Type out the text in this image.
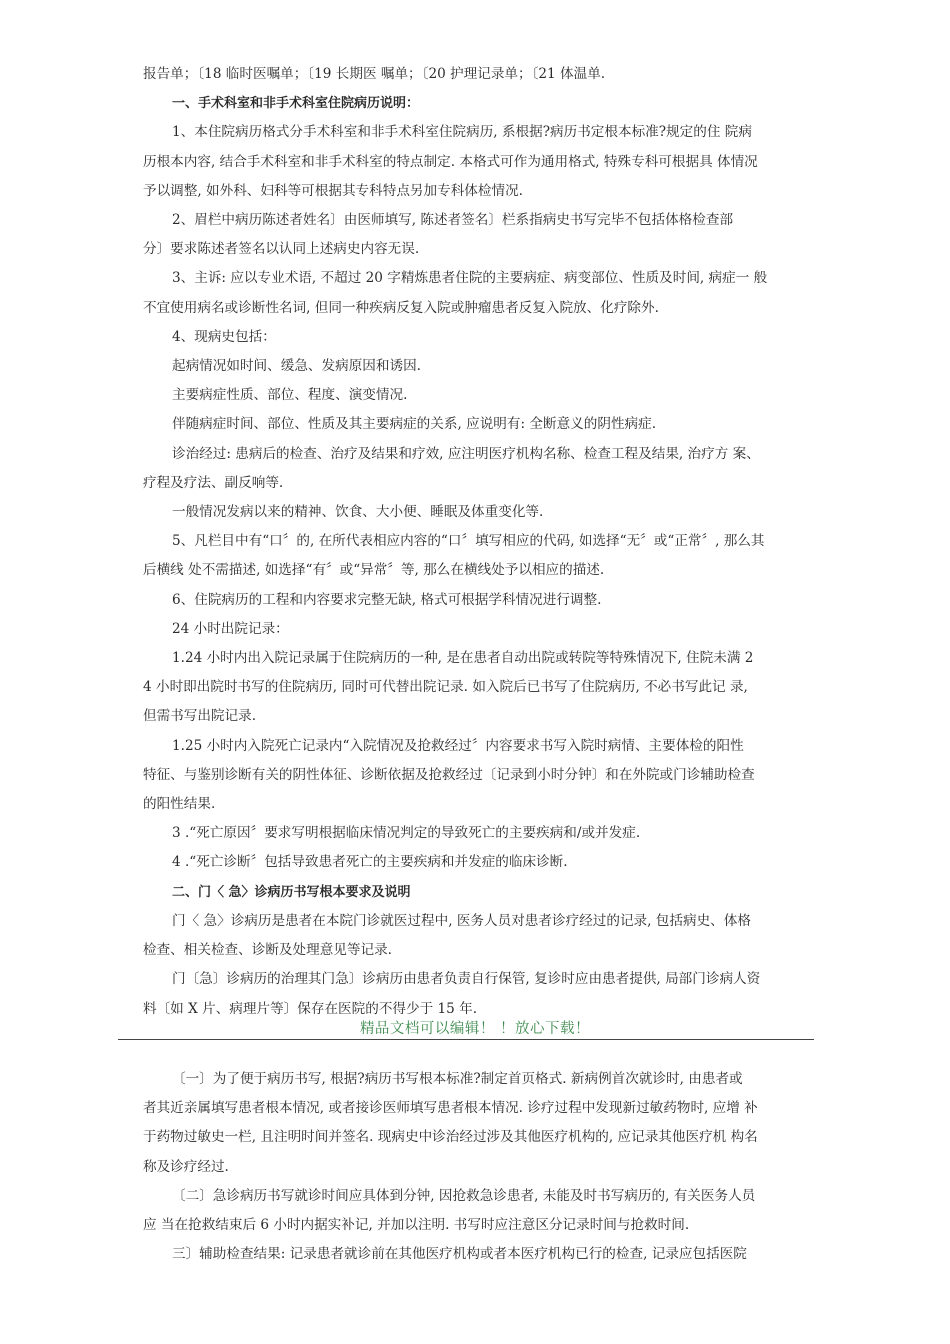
报告单；〔18 临时医嘱单；〔19 长期医 嘱单；〔20 护理记录单；〔21 体温单.
一、手术科室和非手术科室住院病历说明：
1、本住院病历格式分手术科室和非手术科室住院病历, 系根据?病历书定根本标准?规定的住 院病
历根本内容, 结合手术科室和非手术科室的特点制定. 本格式可作为通用格式, 特殊专科可根据具 体情况
予以调整, 如外科、妇科等可根据其专科特点另加专科体检情况.
2、眉栏中病历陈述者姓名〕由医师填写, 陈述者签名〕栏系指病史书写完毕不包括体格检查部
分〕要求陈述者签名以认同上述病史内容无误.
3、主诉: 应以专业术语, 不超过 20 字精炼患者住院的主要病症、病变部位、性质及时间, 病症一 般
不宜使用病名或诊断性名词, 但同一种疾病反复入院或肿瘤患者反复入院放、化疗除外.
4、现病史包括：
起病情况如时间、缓急、发病原因和诱因.
主要病症性质、部位、程度、演变情况.
伴随病症时间、部位、性质及其主要病症的关系, 应说明有: 全断意义的阴性病症.
诊治经过: 患病后的检查、治疗及结果和疗效, 应注明医疗机构名称、检查工程及结果, 治疗方 案、
疗程及疗法、副反响等.
一般情况发病以来的精神、饮食、大小便、睡眠及体重变化等.
5、凡栏目中有“口〞的, 在所代表相应内容的“口〞填写相应的代码, 如选择“无〞或“正常〞, 那么其
后横线 处不需描述, 如选择“有〞或“异常〞等, 那么在横线处予以相应的描述.
6、住院病历的工程和内容要求完整无缺, 格式可根据学科情况进行调整.
24 小时出院记录：
1.24 小时内出入院记录属于住院病历的一种, 是在患者自动出院或转院等特殊情况下, 住院未满 2
4 小时即出院时书写的住院病历, 同时可代替出院记录. 如入院后已书写了住院病历, 不必书写此记 录,
但需书写出院记录.
1.25 小时内入院死亡记录内“入院情况及抢救经过〞内容要求书写入院时病情、主要体检的阳性
特征、与鉴别诊断有关的阴性体征、诊断依据及抢救经过〔记录到小时分钟〕和在外院或门诊辅助检查
的阳性结果.
3 .“死亡原因〞要求写明根据临床情况判定的导致死亡的主要疾病和/或并发症.
4 .“死亡诊断〞包括导致患者死亡的主要疾病和并发症的临床诊断.
二、门〈 急〉诊病历书写根本要求及说明
门〈 急〉诊病历是患者在本院门诊就医过程中, 医务人员对患者诊疗经过的记录, 包括病史、体格
检查、相关检查、诊断及处理意见等记录.
门〔急〕诊病历的治理其门急〕诊病历由患者负责自行保管, 复诊时应由患者提供, 局部门诊病人资
料〔如 X 片、病理片等〕保存在医院的不得少于 15 年.
精品文档可以编辑！ ！放心下载！
〔一〕为了便于病历书写, 根据?病历书写根本标准?制定首页格式. 新病例首次就诊时, 由患者或
者其近亲属填写患者根本情况, 或者接诊医师填写患者根本情况. 诊疗过程中发现新过敏药物时, 应增 补
于药物过敏史一栏, 且注明时间并签名. 现病史中诊治经过涉及其他医疗机构的, 应记录其他医疗机 构名
称及诊疗经过.
〔二〕急诊病历书写就诊时间应具体到分钟, 因抢救急诊患者, 未能及时书写病历的, 有关医务人员
应 当在抢救结束后 6 小时内据实补记, 并加以注明. 书写时应注意区分记录时间与抢救时间.
三〕辅助检查结果: 记录患者就诊前在其他医疗机构或者本医疗机构已行的检查, 记录应包括医院
